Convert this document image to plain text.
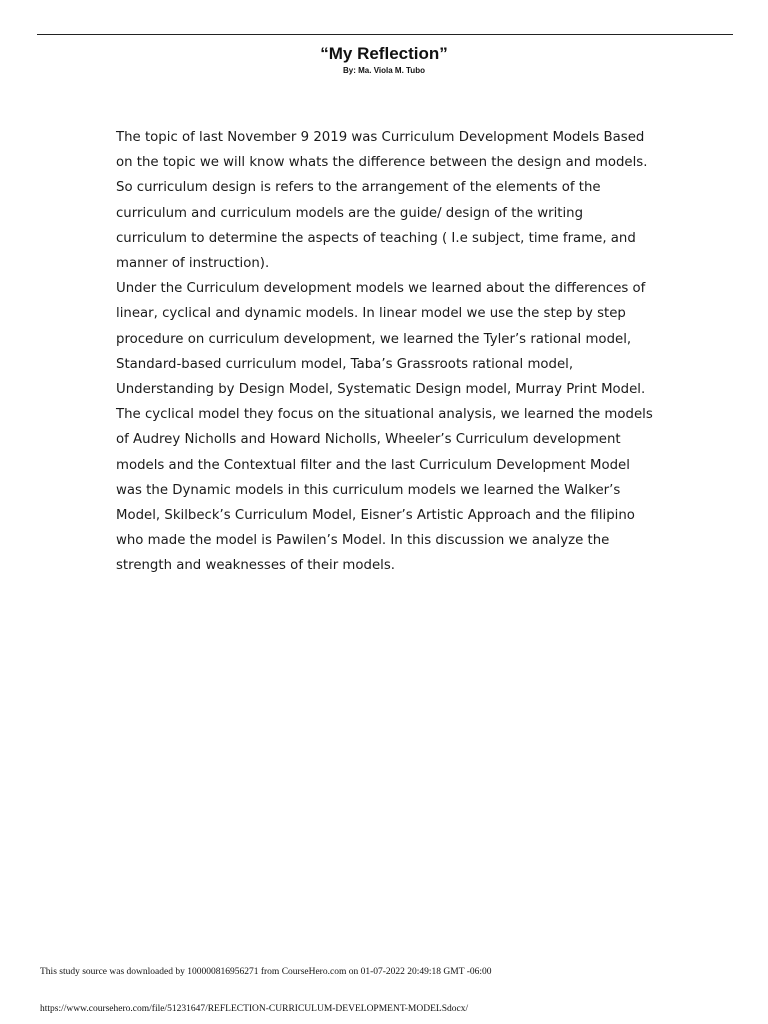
“My Reflection”
By: Ma. Viola M. Tubo

The topic of last November 9 2019 was Curriculum Development Models Based on the topic we will know whats the difference between the design and models. So curriculum design is refers to the arrangement of the elements of the curriculum and curriculum models are the guide/ design of the writing curriculum to determine the aspects of teaching ( I.e subject, time frame, and manner of instruction).

Under the Curriculum development models we learned about the differences of linear, cyclical and dynamic models. In linear model we use the step by step procedure on curriculum development, we learned the Tyler’s rational model, Standard-based curriculum model, Taba’s Grassroots rational model, Understanding by Design Model, Systematic Design model, Murray Print Model. The cyclical model they focus on the situational analysis, we learned the models of Audrey Nicholls and Howard Nicholls, Wheeler’s Curriculum development models and the Contextual filter and the last Curriculum Development Model was the Dynamic models in this curriculum models we learned the Walker’s Model, Skilbeck’s Curriculum Model, Eisner’s Artistic Approach and the filipino who made the model is Pawilen’s Model. In this discussion we analyze the strength and weaknesses of their models.

This study source was downloaded by 100000816956271 from CourseHero.com on 01-07-2022 20:49:18 GMT -06:00
https://www.coursehero.com/file/51231647/REFLECTION-CURRICULUM-DEVELOPMENT-MODELSdocx/
